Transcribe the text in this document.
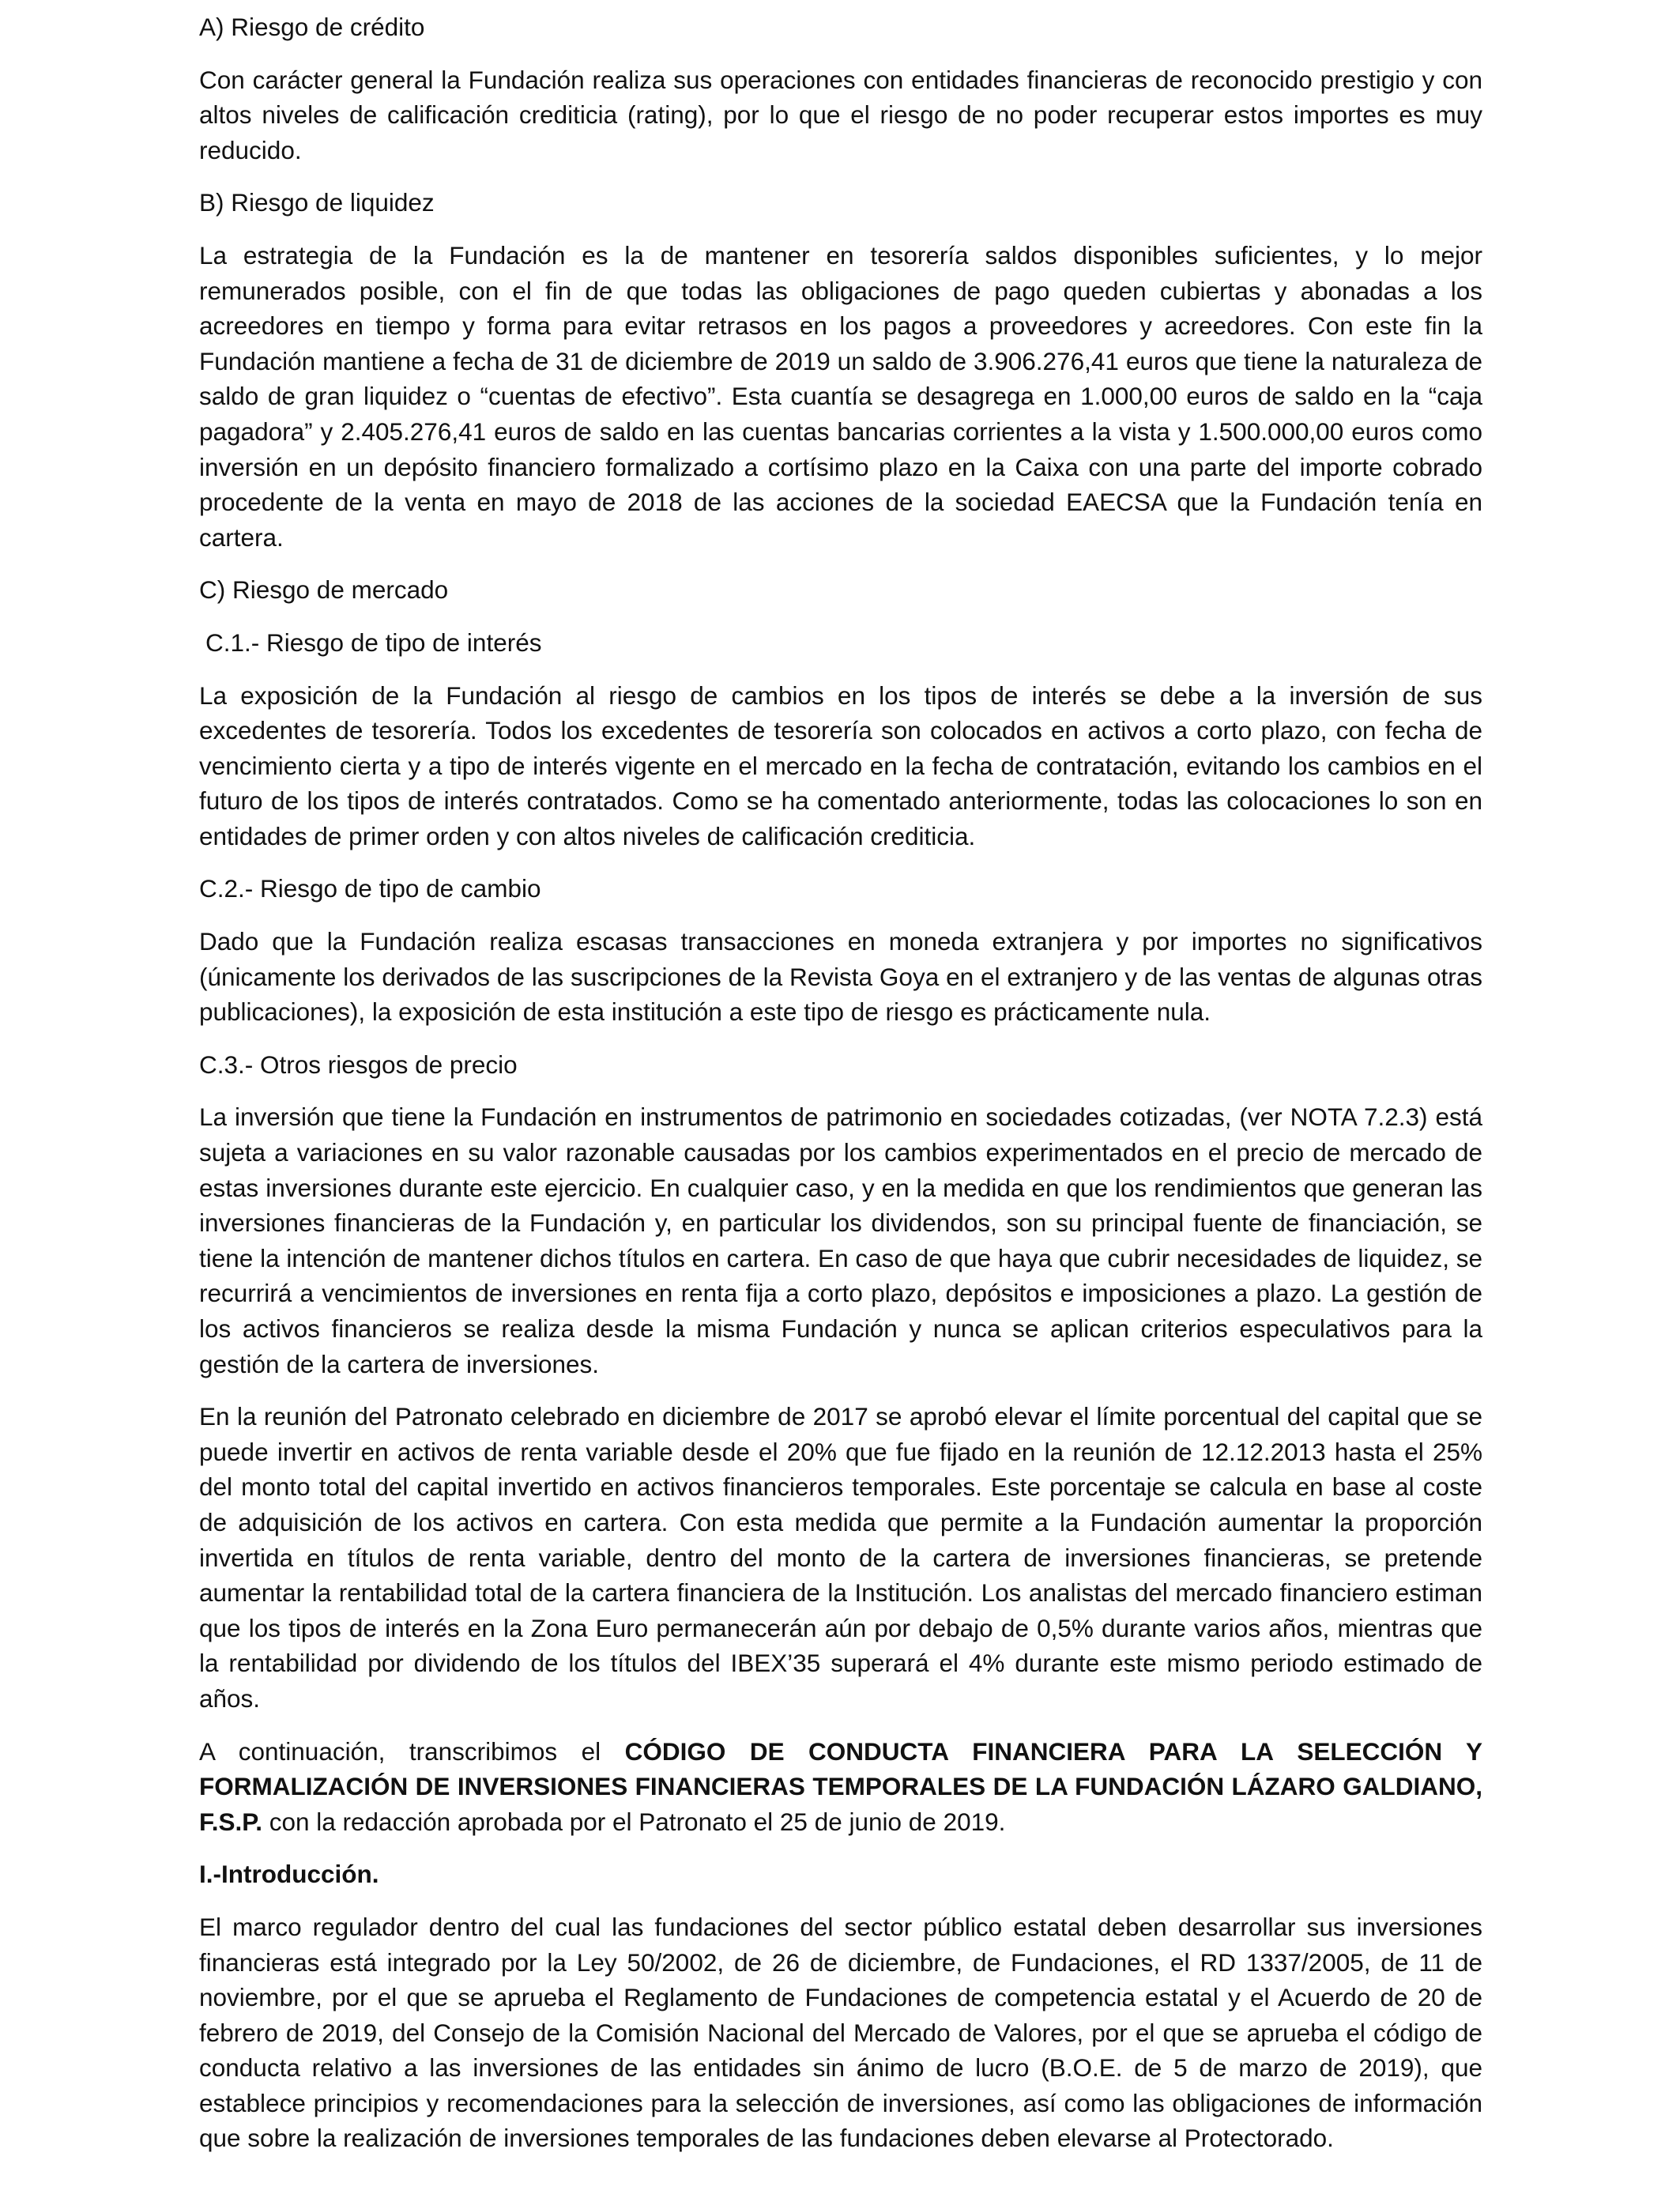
A) Riesgo de crédito

Con carácter general la Fundación realiza sus operaciones con entidades financieras de reconocido prestigio y con altos niveles de calificación crediticia (rating), por lo que el riesgo de no poder recuperar estos importes es muy reducido.

B) Riesgo de liquidez

La estrategia de la Fundación es la de mantener en tesorería saldos disponibles suficientes, y lo mejor remunerados posible, con el fin de que todas las obligaciones de pago queden cubiertas y abonadas a los acreedores en tiempo y forma para evitar retrasos en los pagos a proveedores y acreedores. Con este fin la Fundación mantiene a fecha de 31 de diciembre de 2019 un saldo de 3.906.276,41 euros que tiene la naturaleza de saldo de gran liquidez o “cuentas de efectivo”. Esta cuantía se desagrega en 1.000,00 euros de saldo en la “caja pagadora” y 2.405.276,41 euros de saldo en las cuentas bancarias corrientes a la vista y 1.500.000,00 euros como inversión en un depósito financiero formalizado a cortísimo plazo en la Caixa con una parte del importe cobrado procedente de la venta en mayo de 2018 de las acciones de la sociedad EAECSA que la Fundación tenía en cartera.

C) Riesgo de mercado

C.1.- Riesgo de tipo de interés

La exposición de la Fundación al riesgo de cambios en los tipos de interés se debe a la inversión de sus excedentes de tesorería. Todos los excedentes de tesorería son colocados en activos a corto plazo, con fecha de vencimiento cierta y a tipo de interés vigente en el mercado en la fecha de contratación, evitando los cambios en el futuro de los tipos de interés contratados. Como se ha comentado anteriormente, todas las colocaciones lo son en entidades de primer orden y con altos niveles de calificación crediticia.

C.2.- Riesgo de tipo de cambio

Dado que la Fundación realiza escasas transacciones en moneda extranjera y por importes no significativos (únicamente los derivados de las suscripciones de la Revista Goya en el extranjero y de las ventas de algunas otras publicaciones), la exposición de esta institución a este tipo de riesgo es prácticamente nula.

C.3.- Otros riesgos de precio

La inversión que tiene la Fundación en instrumentos de patrimonio en sociedades cotizadas, (ver NOTA 7.2.3) está sujeta a variaciones en su valor razonable causadas por los cambios experimentados en el precio de mercado de estas inversiones durante este ejercicio. En cualquier caso, y en la medida en que los rendimientos que generan las inversiones financieras de la Fundación y, en particular los dividendos, son su principal fuente de financiación, se tiene la intención de mantener dichos títulos en cartera. En caso de que haya que cubrir necesidades de liquidez, se recurrirá a vencimientos de inversiones en renta fija a corto plazo, depósitos e imposiciones a plazo. La gestión de los activos financieros se realiza desde la misma Fundación y nunca se aplican criterios especulativos para la gestión de la cartera de inversiones.

En la reunión del Patronato celebrado en diciembre de 2017 se aprobó elevar el límite porcentual del capital que se puede invertir en activos de renta variable desde el 20% que fue fijado en la reunión de 12.12.2013 hasta el 25% del monto total del capital invertido en activos financieros temporales. Este porcentaje se calcula en base al coste de adquisición de los activos en cartera. Con esta medida que permite a la Fundación aumentar la proporción invertida en títulos de renta variable, dentro del monto de la cartera de inversiones financieras, se pretende aumentar la rentabilidad total de la cartera financiera de la Institución. Los analistas del mercado financiero estiman que los tipos de interés en la Zona Euro permanecerán aún por debajo de 0,5% durante varios años, mientras que la rentabilidad por dividendo de los títulos del IBEX’35 superará el 4% durante este mismo periodo estimado de años.

A continuación, transcribimos el CÓDIGO DE CONDUCTA FINANCIERA PARA LA SELECCIÓN Y FORMALIZACIÓN DE INVERSIONES FINANCIERAS TEMPORALES DE LA FUNDACIÓN LÁZARO GALDIANO, F.S.P. con la redacción aprobada por el Patronato el 25 de junio de 2019.

I.-Introducción.

El marco regulador dentro del cual las fundaciones del sector público estatal deben desarrollar sus inversiones financieras está integrado por la Ley 50/2002, de 26 de diciembre, de Fundaciones, el RD 1337/2005, de 11 de noviembre, por el que se aprueba el Reglamento de Fundaciones de competencia estatal y el Acuerdo de 20 de febrero de 2019, del Consejo de la Comisión Nacional del Mercado de Valores, por el que se aprueba el código de conducta relativo a las inversiones de las entidades sin ánimo de lucro (B.O.E. de 5 de marzo de 2019), que establece principios y recomendaciones para la selección de inversiones, así como las obligaciones de información que sobre la realización de inversiones temporales de las fundaciones deben elevarse al Protectorado.
